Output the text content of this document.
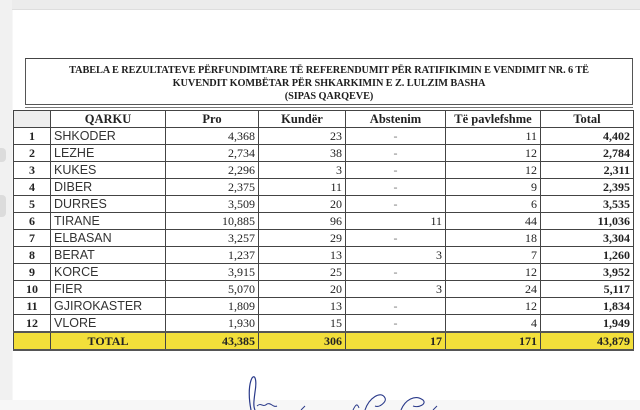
TABELA E REZULTATEVE PËRFUNDIMTARE TË REFERENDUMIT PËR RATIFIKIMIN E VENDIMIT NR. 6 TË
KUVENDIT KOMBËTAR PËR SHKARKIMIN E Z. LULZIM BASHA
(SIPAS QARQEVE)
	QARKU	Pro	Kundër	Abstenim	Të pavlefshme	Total
1	SHKODER	4,368	23	-	11	4,402
2	LEZHE	2,734	38	-	12	2,784
3	KUKES	2,296	3	-	12	2,311
4	DIBER	2,375	11	-	9	2,395
5	DURRES	3,509	20	-	6	3,535
6	TIRANE	10,885	96	11	44	11,036
7	ELBASAN	3,257	29	-	18	3,304
8	BERAT	1,237	13	3	7	1,260
9	KORCE	3,915	25	-	12	3,952
10	FIER	5,070	20	3	24	5,117
11	GJIROKASTER	1,809	13	-	12	1,834
12	VLORE	1,930	15	-	4	1,949
	TOTAL	43,385	306	17	171	43,879
